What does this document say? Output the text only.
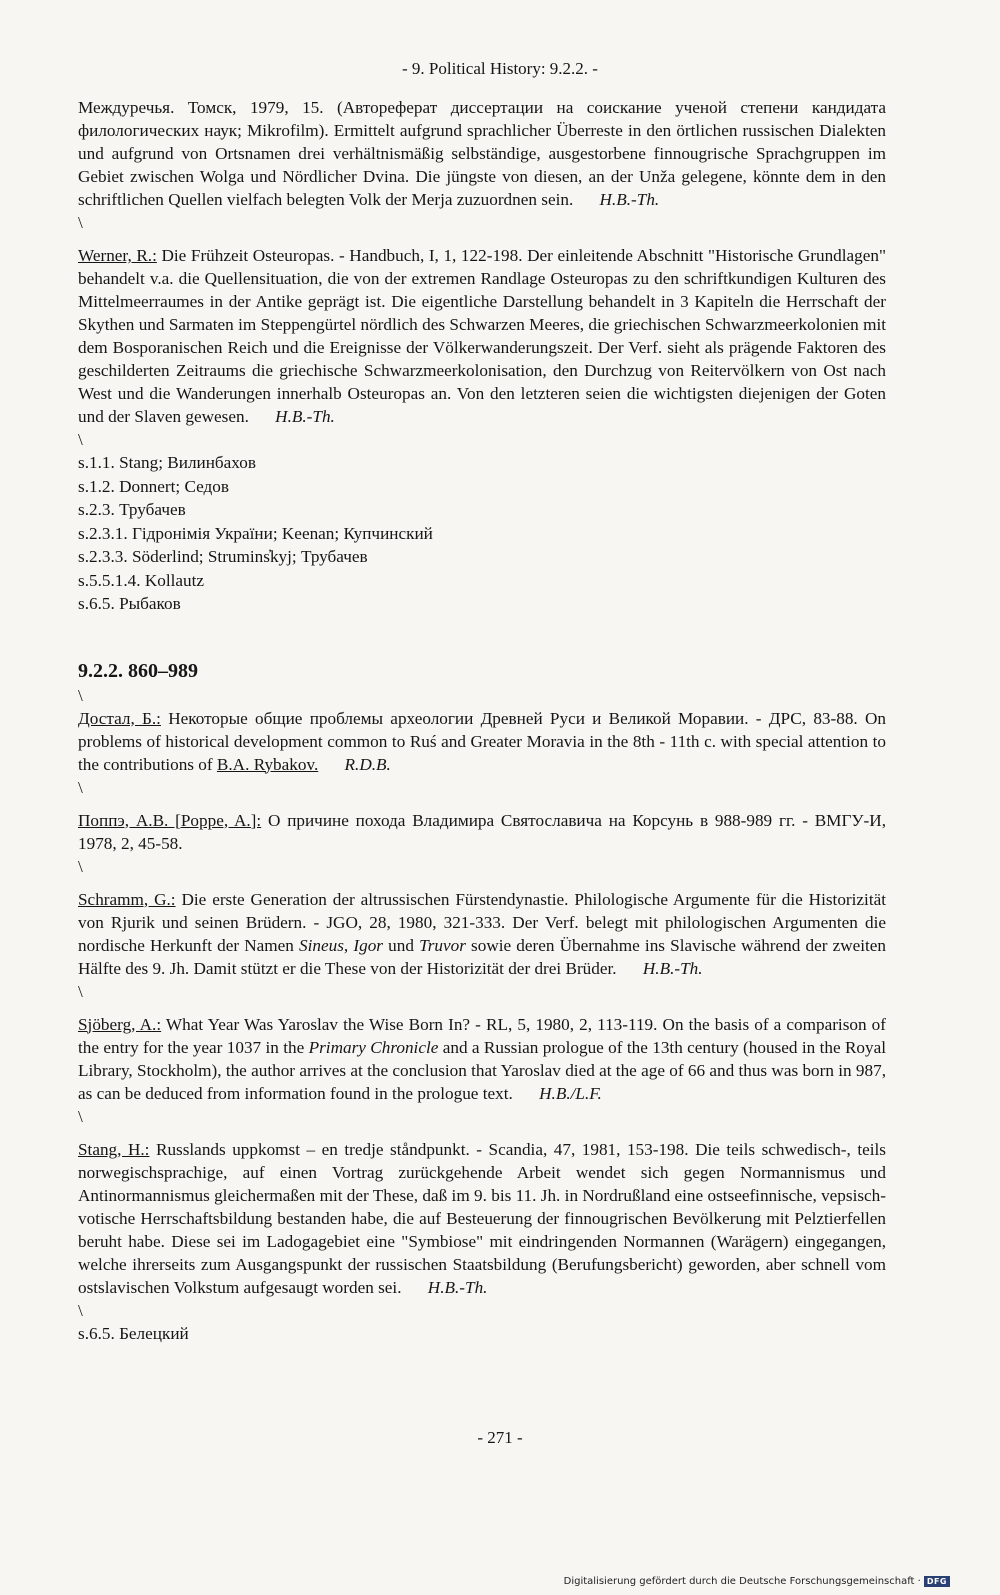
- 9. Political History: 9.2.2. -

Междуречья. Томск, 1979, 15. (Автореферат диссертации на соискание ученой степени кандидата филологических наук; Mikrofilm). Ermittelt aufgrund sprachlicher Überreste in den örtlichen russischen Dialekten und aufgrund von Ortsnamen drei verhältnismäßig selbständige, ausgestorbene finnougrische Sprachgruppen im Gebiet zwischen Wolga und Nördlicher Dvina. Die jüngste von diesen, an der Unža gelegene, könnte dem in den schriftlichen Quellen vielfach belegten Volk der Merja zuzuordnen sein. H.B.-Th.

\

Werner, R.: Die Frühzeit Osteuropas. - Handbuch, I, 1, 122-198. Der einleitende Abschnitt "Historische Grundlagen" behandelt v.a. die Quellensituation, die von der extremen Randlage Osteuropas zu den schriftkundigen Kulturen des Mittelmeerraumes in der Antike geprägt ist. Die eigentliche Darstellung behandelt in 3 Kapiteln die Herrschaft der Skythen und Sarmaten im Steppengürtel nördlich des Schwarzen Meeres, die griechischen Schwarzmeerkolonien mit dem Bosporanischen Reich und die Ereignisse der Völkerwanderungszeit. Der Verf. sieht als prägende Faktoren des geschilderten Zeitraums die griechische Schwarzmeerkolonisation, den Durchzug von Reitervölkern von Ost nach West und die Wanderungen innerhalb Osteuropas an. Von den letzteren seien die wichtigsten diejenigen der Goten und der Slaven gewesen. H.B.-Th.

\
s.1.1. Stang; Вилинбахов
s.1.2. Donnert; Седов
s.2.3. Трубачев
s.2.3.1. Гідронімія України; Keenan; Купчинский
s.2.3.3. Söderlind; Strumins̓kyj; Трубачев
s.5.5.1.4. Kollautz
s.6.5. Рыбаков
9.2.2. 860–989
\

Достал, Б.: Некоторые общие проблемы археологии Древней Руси и Великой Моравии. - ДРС, 83-88. On problems of historical development common to Ruś and Greater Moravia in the 8th - 11th c. with special attention to the contributions of B.A. Rybakov. R.D.B.

\

Поппэ, А.В. [Poppe, A.]: О причине похода Владимира Святославича на Корсунь в 988-989 гг. - ВМГУ-И, 1978, 2, 45-58.

\

Schramm, G.: Die erste Generation der altrussischen Fürstendynastie. Philologische Argumente für die Historizität von Rjurik und seinen Brüdern. - JGO, 28, 1980, 321-333. Der Verf. belegt mit philologischen Argumenten die nordische Herkunft der Namen Sineus, Igor und Truvor sowie deren Übernahme ins Slavische während der zweiten Hälfte des 9. Jh. Damit stützt er die These von der Historizität der drei Brüder. H.B.-Th.

\

Sjöberg, A.: What Year Was Yaroslav the Wise Born In? - RL, 5, 1980, 2, 113-119. On the basis of a comparison of the entry for the year 1037 in the Primary Chronicle and a Russian prologue of the 13th century (housed in the Royal Library, Stockholm), the author arrives at the conclusion that Yaroslav died at the age of 66 and thus was born in 987, as can be deduced from information found in the prologue text. H.B./L.F.

\

Stang, H.: Russlands uppkomst – en tredje ståndpunkt. - Scandia, 47, 1981, 153-198. Die teils schwedisch-, teils norwegischsprachige, auf einen Vortrag zurückgehende Arbeit wendet sich gegen Normannismus und Antinormannismus gleichermaßen mit der These, daß im 9. bis 11. Jh. in Nordrußland eine ostseefinnische, vepsisch-votische Herrschaftsbildung bestanden habe, die auf Besteuerung der finnougrischen Bevölkerung mit Pelztierfellen beruht habe. Diese sei im Ladogagebiet eine "Symbiose" mit eindringenden Normannen (Warägern) eingegangen, welche ihrerseits zum Ausgangspunkt der russischen Staatsbildung (Berufungsbericht) geworden, aber schnell vom ostslavischen Volkstum aufgesaugt worden sei. H.B.-Th.

\
s.6.5. Белецкий
- 271 -
Digitalisierung gefördert durch die Deutsche Forschungsgemeinschaft · DFG
